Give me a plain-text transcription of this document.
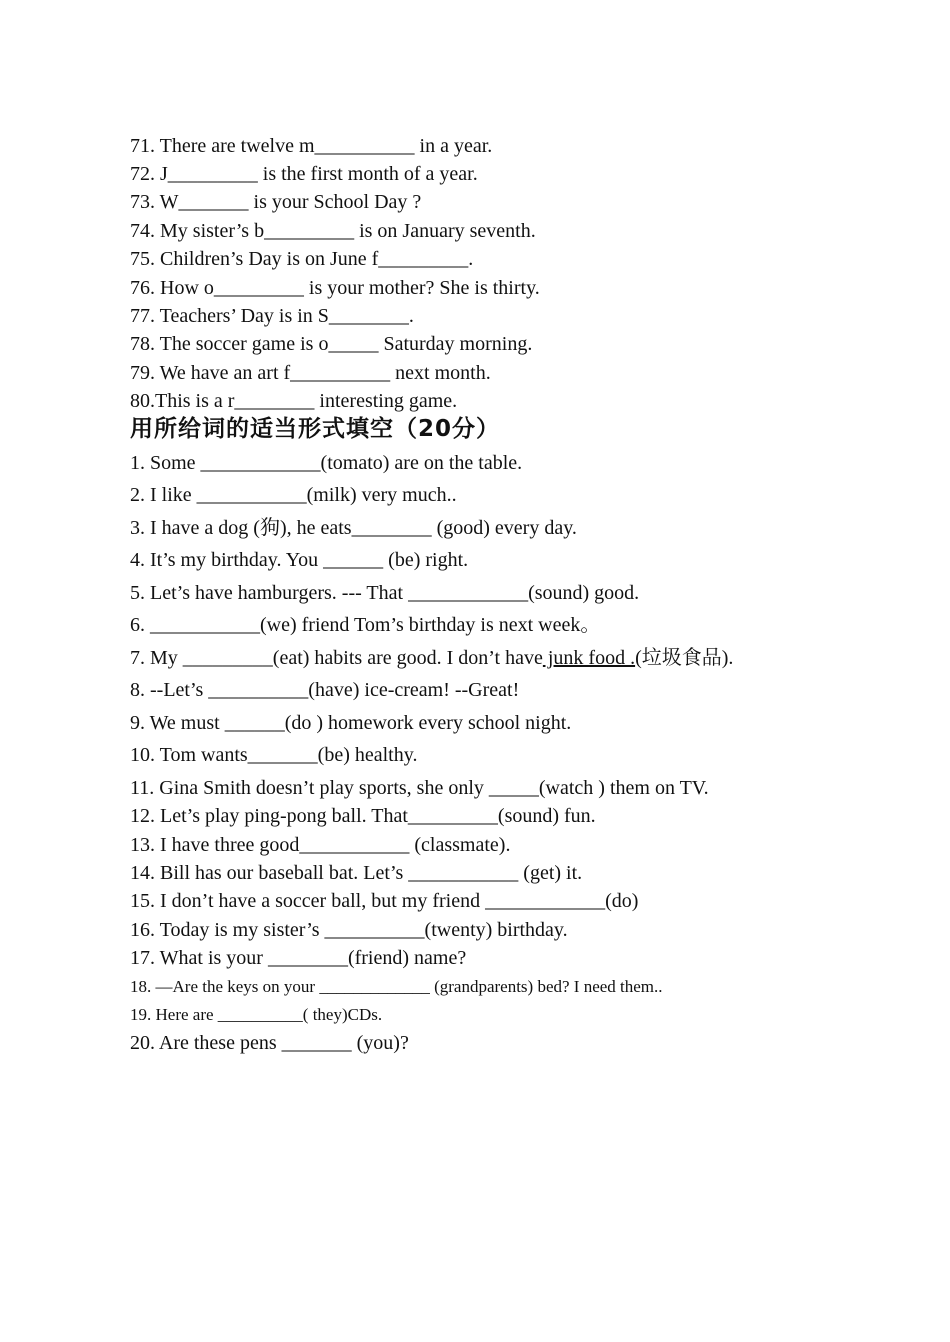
71. There are twelve m__________ in a year.
72. J_________ is the first month of a year.
73. W_______ is your School Day ?
74. My sister’s b_________ is on January seventh.
75. Children’s Day is on June f_________.
76. How o_________ is your mother? She is thirty.
77. Teachers’ Day is in S________.
78. The soccer game is o_____ Saturday morning.
79. We have an art f__________ next month.
80.This is a r________ interesting game.
用所给词的适当形式填空（20分）
1. Some ____________(tomato) are on the table.
2. I like ___________(milk) very much..
3. I have a dog (狗), he eats________ (good) every day.
4. It’s my birthday. You ______ (be) right.
5. Let’s have hamburgers. --- That ____________(sound) good.
6. ___________(we) friend Tom’s birthday is next week。
7. My _________(eat) habits are good. I don’t have junk food .(垃圾食品).
8. --Let’s __________(have) ice-cream! --Great!
9. We must ______(do ) homework every school night.
10. Tom wants_______(be) healthy.
11. Gina Smith doesn’t play sports, she only _____(watch ) them on TV.
12. Let’s play ping-pong ball. That_________(sound) fun.
13. I have three good___________ (classmate).
14. Bill has our baseball bat. Let’s ___________ (get) it.
15. I don’t have a soccer ball, but my friend ____________(do)
16. Today is my sister’s __________(twenty) birthday.
17. What is your ________(friend) name?
18. —Are the keys on your _____________ (grandparents) bed? I need them..
19. Here are __________( they)CDs.
20. Are these pens _______ (you)?
